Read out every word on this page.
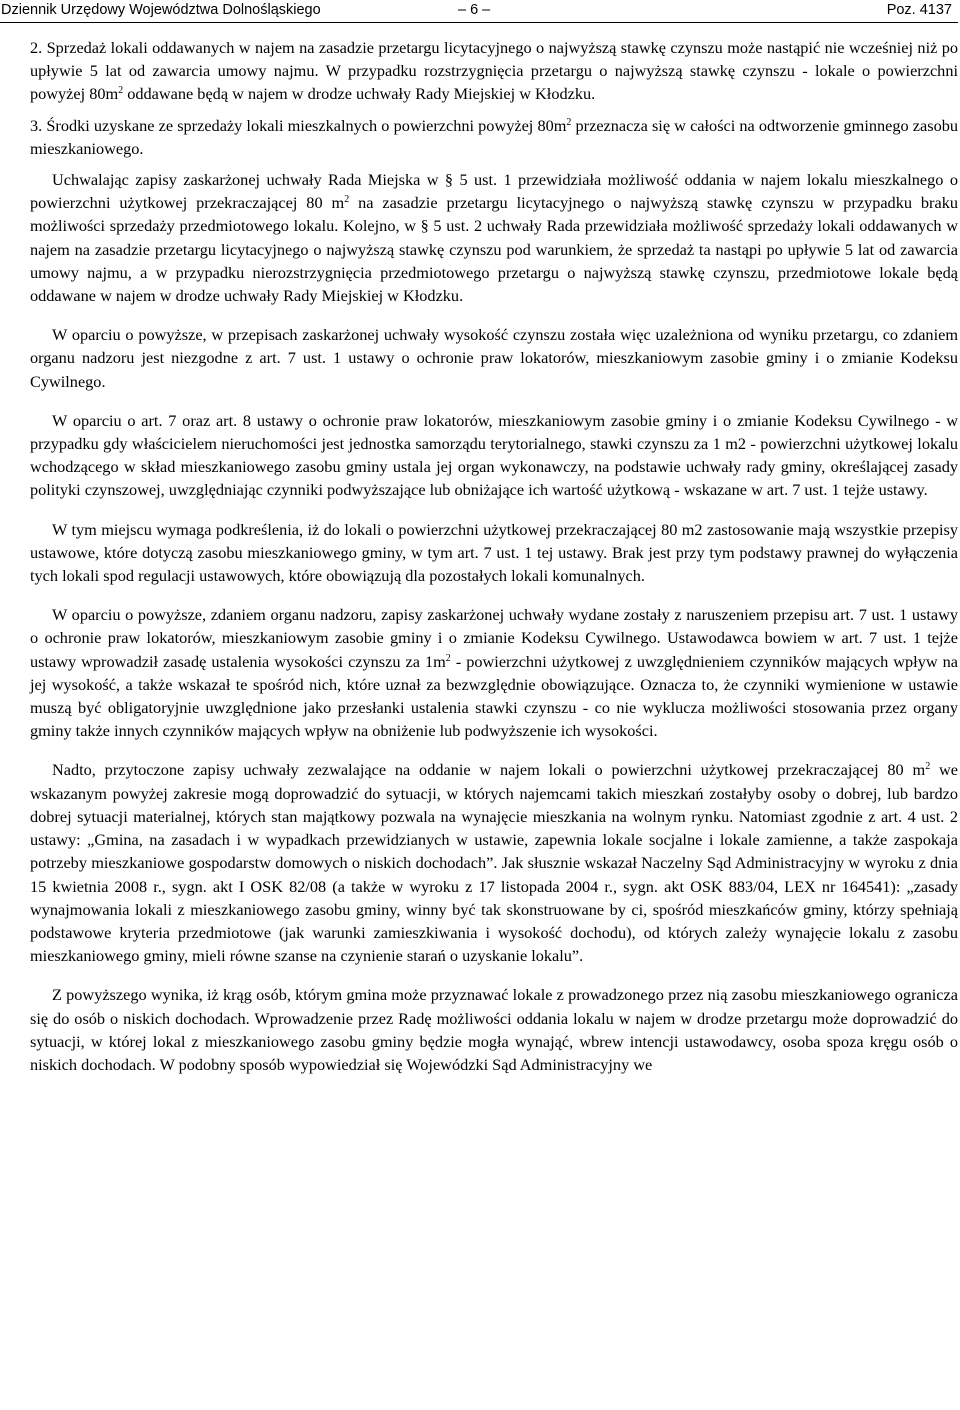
Dziennik Urzędowy Województwa Dolnośląskiego	– 6 –	Poz. 4137

2. Sprzedaż lokali oddawanych w najem na zasadzie przetargu licytacyjnego o najwyższą stawkę czynszu może nastąpić nie wcześniej niż po upływie 5 lat od zawarcia umowy najmu. W przypadku rozstrzygnięcia przetargu o najwyższą stawkę czynszu - lokale o powierzchni powyżej $80m^2$ oddawane będą w najem w drodze uchwały Rady Miejskiej w Kłodzku.

3. Środki uzyskane ze sprzedaży lokali mieszkalnych o powierzchni powyżej $80m^2$ przeznacza się w całości na odtworzenie gminnego zasobu mieszkaniowego.

Uchwalając zapisy zaskarżonej uchwały Rada Miejska w § 5 ust. 1 przewidziała możliwość oddania w najem lokalu mieszkalnego o powierzchni użytkowej przekraczającej 80 $m^2$ na zasadzie przetargu licytacyjnego o najwyższą stawkę czynszu w przypadku braku możliwości sprzedaży przedmiotowego lokalu. Kolejno, w § 5 ust. 2 uchwały Rada przewidziała możliwość sprzedaży lokali oddawanych w najem na zasadzie przetargu licytacyjnego o najwyższą stawkę czynszu pod warunkiem, że sprzedaż ta nastąpi po upływie 5 lat od zawarcia umowy najmu, a w przypadku nierozstrzygnięcia przedmiotowego przetargu o najwyższą stawkę czynszu, przedmiotowe lokale będą oddawane w najem w drodze uchwały Rady Miejskiej w Kłodzku.

W oparciu o powyższe, w przepisach zaskarżonej uchwały wysokość czynszu została więc uzależniona od wyniku przetargu, co zdaniem organu nadzoru jest niezgodne z art. 7 ust. 1 ustawy o ochronie praw lokatorów, mieszkaniowym zasobie gminy i o zmianie Kodeksu Cywilnego.

W oparciu o art. 7 oraz art. 8 ustawy o ochronie praw lokatorów, mieszkaniowym zasobie gminy i o zmianie Kodeksu Cywilnego - w przypadku gdy właścicielem nieruchomości jest jednostka samorządu terytorialnego, stawki czynszu za 1 m2 - powierzchni użytkowej lokalu wchodzącego w skład mieszkaniowego zasobu gminy ustala jej organ wykonawczy, na podstawie uchwały rady gminy, określającej zasady polityki czynszowej, uwzględniając czynniki podwyższające lub obniżające ich wartość użytkową - wskazane w art. 7 ust. 1 tejże ustawy.

W tym miejscu wymaga podkreślenia, iż do lokali o powierzchni użytkowej przekraczającej 80 m2 zastosowanie mają wszystkie przepisy ustawowe, które dotyczą zasobu mieszkaniowego gminy, w tym art. 7 ust. 1 tej ustawy. Brak jest przy tym podstawy prawnej do wyłączenia tych lokali spod regulacji ustawowych, które obowiązują dla pozostałych lokali komunalnych.

W oparciu o powyższe, zdaniem organu nadzoru, zapisy zaskarżonej uchwały wydane zostały z naruszeniem przepisu art. 7 ust. 1 ustawy o ochronie praw lokatorów, mieszkaniowym zasobie gminy i o zmianie Kodeksu Cywilnego. Ustawodawca bowiem w art. 7 ust. 1 tejże ustawy wprowadził zasadę ustalenia wysokości czynszu za $1m^2$ - powierzchni użytkowej z uwzględnieniem czynników mających wpływ na jej wysokość, a także wskazał te spośród nich, które uznał za bezwzględnie obowiązujące. Oznacza to, że czynniki wymienione w ustawie muszą być obligatoryjnie uwzględnione jako przesłanki ustalenia stawki czynszu - co nie wyklucza możliwości stosowania przez organy gminy także innych czynników mających wpływ na obniżenie lub podwyższenie ich wysokości.

Nadto, przytoczone zapisy uchwały zezwalające na oddanie w najem lokali o powierzchni użytkowej przekraczającej 80 $m^2$ we wskazanym powyżej zakresie mogą doprowadzić do sytuacji, w których najemcami takich mieszkań zostałyby osoby o dobrej, lub bardzo dobrej sytuacji materialnej, których stan majątkowy pozwala na wynajęcie mieszkania na wolnym rynku. Natomiast zgodnie z art. 4 ust. 2 ustawy: „Gmina, na zasadach i w wypadkach przewidzianych w ustawie, zapewnia lokale socjalne i lokale zamienne, a także zaspokaja potrzeby mieszkaniowe gospodarstw domowych o niskich dochodach”. Jak słusznie wskazał Naczelny Sąd Administracyjny w wyroku z dnia 15 kwietnia 2008 r., sygn. akt I OSK 82/08 (a także w wyroku z 17 listopada 2004 r., sygn. akt OSK 883/04, LEX nr 164541): „zasady wynajmowania lokali z mieszkaniowego zasobu gminy, winny być tak skonstruowane by ci, spośród mieszkańców gminy, którzy spełniają podstawowe kryteria przedmiotowe (jak warunki zamieszkiwania i wysokość dochodu), od których zależy wynajęcie lokalu z zasobu mieszkaniowego gminy, mieli równe szanse na czynienie starań o uzyskanie lokalu”.

Z powyższego wynika, iż krąg osób, którym gmina może przyznawać lokale z prowadzonego przez nią zasobu mieszkaniowego ogranicza się do osób o niskich dochodach. Wprowadzenie przez Radę możliwości oddania lokalu w najem w drodze przetargu może doprowadzić do sytuacji, w której lokal z mieszkaniowego zasobu gminy będzie mogła wynająć, wbrew intencji ustawodawcy, osoba spoza kręgu osób o niskich dochodach. W podobny sposób wypowiedział się Wojewódzki Sąd Administracyjny we
